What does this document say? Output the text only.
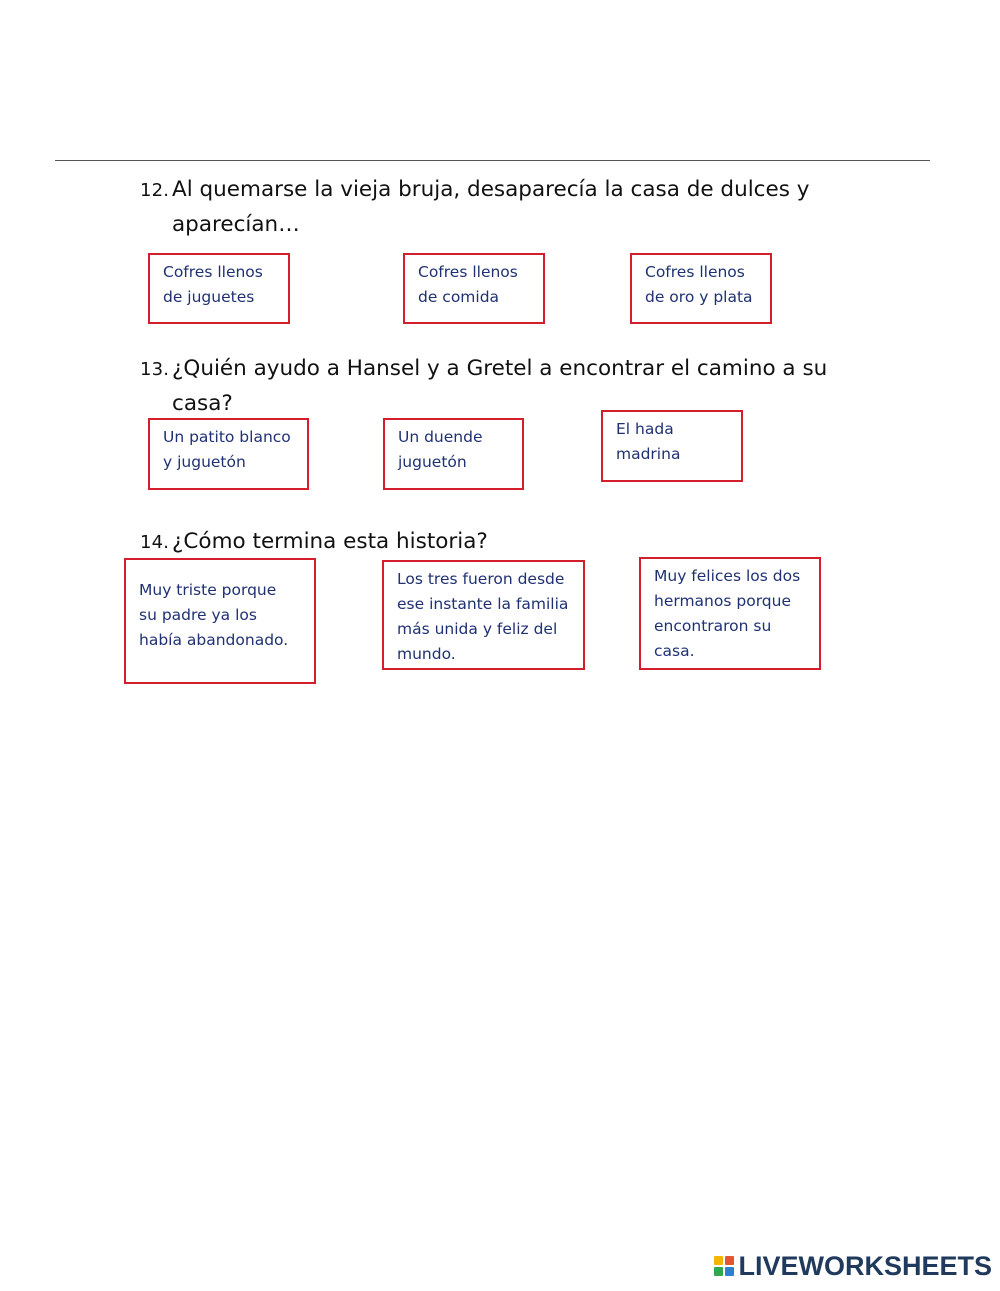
12. Al quemarse la vieja bruja, desaparecía la casa de dulces y aparecían…
Cofres llenos
de juguetes
Cofres llenos
de comida
Cofres llenos
de oro y plata
13. ¿Quién ayudo a Hansel y a Gretel a encontrar el camino a su casa?
Un patito blanco
y juguetón
Un duende
juguetón
El hada
madrina
14. ¿Cómo termina esta historia?
Muy triste porque
su padre ya los
había abandonado.
Los tres fueron desde
ese instante la familia
más unida y feliz del
mundo.
Muy felices los dos
hermanos porque
encontraron su
casa.
LIVEWORKSHEETS
